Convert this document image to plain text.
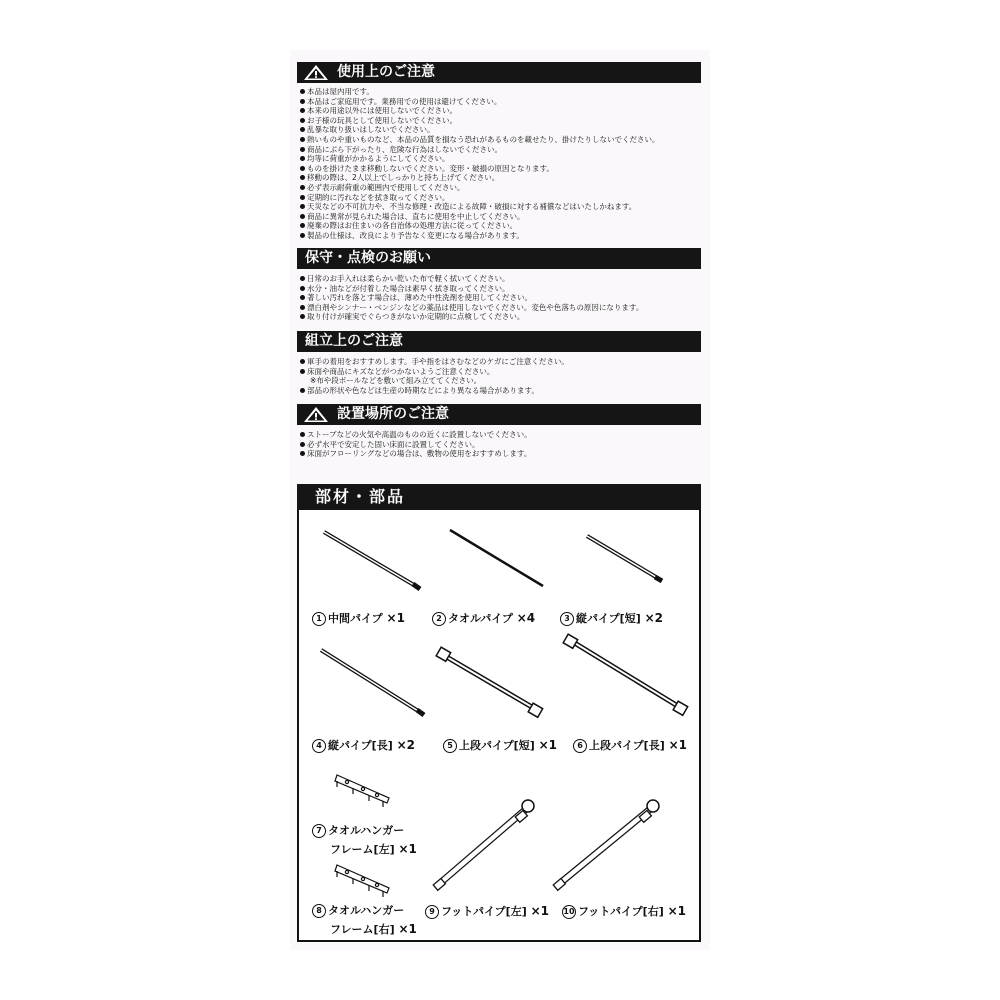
使用上のご注意
本品は屋内用です。
本品はご家庭用です。業務用での使用は避けてください。
本来の用途以外には使用しないでください。
お子様の玩具として使用しないでください。
乱暴な取り扱いはしないでください。
熱いものや重いものなど、本品の品質を損なう恐れがあるものを載せたり、掛けたりしないでください。
商品にぶら下がったり、危険な行為はしないでください。
均等に荷重がかかるようにしてください。
ものを掛けたまま移動しないでください。変形・破損の原因となります。
移動の際は、2人以上でしっかりと持ち上げてください。
必ず表示耐荷重の範囲内で使用してください。
定期的に汚れなどを拭き取ってください。
天災などの不可抗力や、不当な修理・改造による故障・破損に対する補償などはいたしかねます。
商品に異常が見られた場合は、直ちに使用を中止してください。
廃棄の際はお住まいの各自治体の処理方法に従ってください。
製品の仕様は、改良により予告なく変更になる場合があります。
保守・点検のお願い
日常のお手入れは柔らかい乾いた布で軽く拭いてください。
水分・油などが付着した場合は素早く拭き取ってください。
著しい汚れを落とす場合は、薄めた中性洗剤を使用してください。
漂白剤やシンナー・ベンジンなどの薬品は使用しないでください。変色や色落ちの原因になります。
取り付けが確実でぐらつきがないか定期的に点検してください。
組立上のご注意
軍手の着用をおすすめします。手や指をはさむなどのケガにご注意ください。
床面や商品にキズなどがつかないようご注意ください。
※布や段ボールなどを敷いて組み立ててください。
部品の形状や色などは生産の時期などにより異なる場合があります。
設置場所のご注意
ストーブなどの火気や高温のものの近くに設置しないでください。
必ず水平で安定した固い床面に設置してください。
床面がフローリングなどの場合は、敷物の使用をおすすめします。
部材・部品
1 中間パイプ ×1	2 タオルパイプ ×4	3 縦パイプ[短] ×2
4 縦パイプ[長] ×2	5 上段パイプ[短] ×1	6 上段パイプ[長] ×1
7 タオルハンガー
フレーム[左] ×1
8 タオルハンガー
フレーム[右] ×1
9 フットパイプ[左] ×1 10 フットパイプ[右] ×1
